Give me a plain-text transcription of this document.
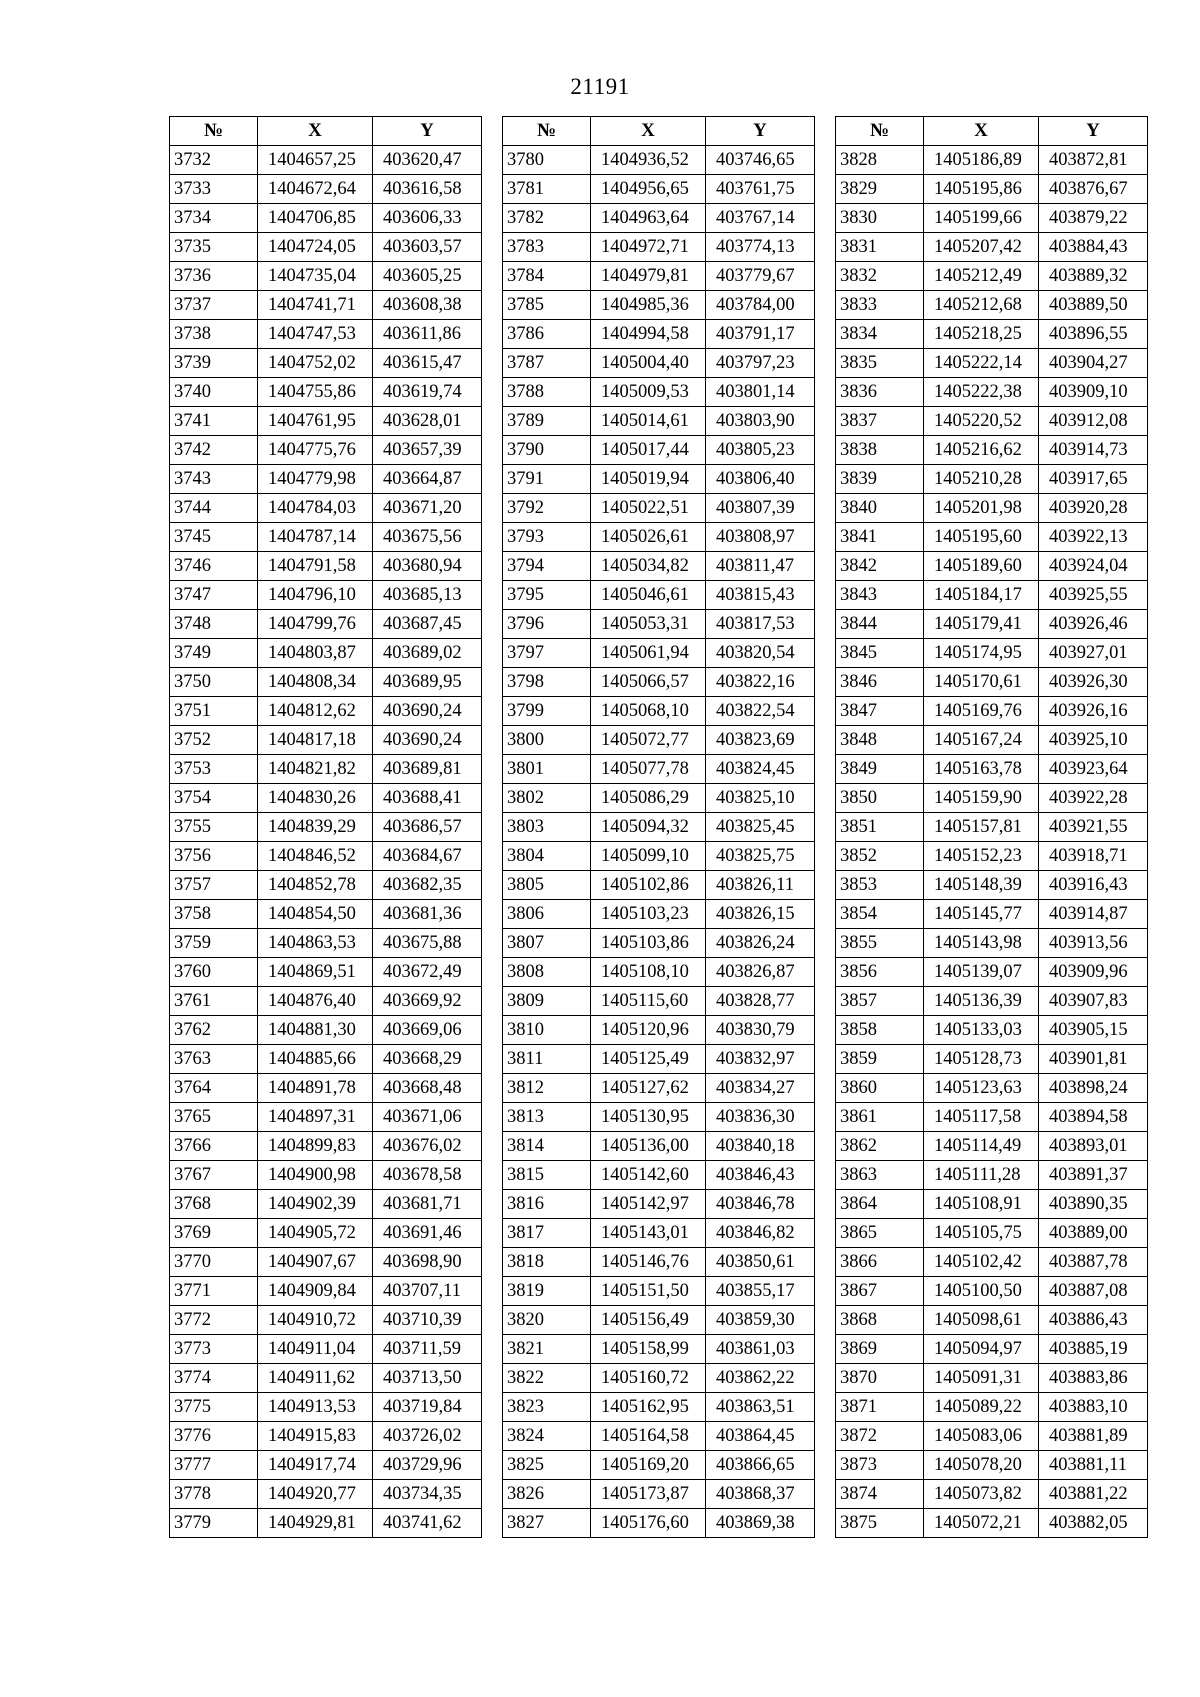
21191
№	X	Y
3732	1404657,25	403620,47
3733	1404672,64	403616,58
3734	1404706,85	403606,33
3735	1404724,05	403603,57
3736	1404735,04	403605,25
3737	1404741,71	403608,38
3738	1404747,53	403611,86
3739	1404752,02	403615,47
3740	1404755,86	403619,74
3741	1404761,95	403628,01
3742	1404775,76	403657,39
3743	1404779,98	403664,87
3744	1404784,03	403671,20
3745	1404787,14	403675,56
3746	1404791,58	403680,94
3747	1404796,10	403685,13
3748	1404799,76	403687,45
3749	1404803,87	403689,02
3750	1404808,34	403689,95
3751	1404812,62	403690,24
3752	1404817,18	403690,24
3753	1404821,82	403689,81
3754	1404830,26	403688,41
3755	1404839,29	403686,57
3756	1404846,52	403684,67
3757	1404852,78	403682,35
3758	1404854,50	403681,36
3759	1404863,53	403675,88
3760	1404869,51	403672,49
3761	1404876,40	403669,92
3762	1404881,30	403669,06
3763	1404885,66	403668,29
3764	1404891,78	403668,48
3765	1404897,31	403671,06
3766	1404899,83	403676,02
3767	1404900,98	403678,58
3768	1404902,39	403681,71
3769	1404905,72	403691,46
3770	1404907,67	403698,90
3771	1404909,84	403707,11
3772	1404910,72	403710,39
3773	1404911,04	403711,59
3774	1404911,62	403713,50
3775	1404913,53	403719,84
3776	1404915,83	403726,02
3777	1404917,74	403729,96
3778	1404920,77	403734,35
3779	1404929,81	403741,62
№	X	Y
3780	1404936,52	403746,65
3781	1404956,65	403761,75
3782	1404963,64	403767,14
3783	1404972,71	403774,13
3784	1404979,81	403779,67
3785	1404985,36	403784,00
3786	1404994,58	403791,17
3787	1405004,40	403797,23
3788	1405009,53	403801,14
3789	1405014,61	403803,90
3790	1405017,44	403805,23
3791	1405019,94	403806,40
3792	1405022,51	403807,39
3793	1405026,61	403808,97
3794	1405034,82	403811,47
3795	1405046,61	403815,43
3796	1405053,31	403817,53
3797	1405061,94	403820,54
3798	1405066,57	403822,16
3799	1405068,10	403822,54
3800	1405072,77	403823,69
3801	1405077,78	403824,45
3802	1405086,29	403825,10
3803	1405094,32	403825,45
3804	1405099,10	403825,75
3805	1405102,86	403826,11
3806	1405103,23	403826,15
3807	1405103,86	403826,24
3808	1405108,10	403826,87
3809	1405115,60	403828,77
3810	1405120,96	403830,79
3811	1405125,49	403832,97
3812	1405127,62	403834,27
3813	1405130,95	403836,30
3814	1405136,00	403840,18
3815	1405142,60	403846,43
3816	1405142,97	403846,78
3817	1405143,01	403846,82
3818	1405146,76	403850,61
3819	1405151,50	403855,17
3820	1405156,49	403859,30
3821	1405158,99	403861,03
3822	1405160,72	403862,22
3823	1405162,95	403863,51
3824	1405164,58	403864,45
3825	1405169,20	403866,65
3826	1405173,87	403868,37
3827	1405176,60	403869,38
№	X	Y
3828	1405186,89	403872,81
3829	1405195,86	403876,67
3830	1405199,66	403879,22
3831	1405207,42	403884,43
3832	1405212,49	403889,32
3833	1405212,68	403889,50
3834	1405218,25	403896,55
3835	1405222,14	403904,27
3836	1405222,38	403909,10
3837	1405220,52	403912,08
3838	1405216,62	403914,73
3839	1405210,28	403917,65
3840	1405201,98	403920,28
3841	1405195,60	403922,13
3842	1405189,60	403924,04
3843	1405184,17	403925,55
3844	1405179,41	403926,46
3845	1405174,95	403927,01
3846	1405170,61	403926,30
3847	1405169,76	403926,16
3848	1405167,24	403925,10
3849	1405163,78	403923,64
3850	1405159,90	403922,28
3851	1405157,81	403921,55
3852	1405152,23	403918,71
3853	1405148,39	403916,43
3854	1405145,77	403914,87
3855	1405143,98	403913,56
3856	1405139,07	403909,96
3857	1405136,39	403907,83
3858	1405133,03	403905,15
3859	1405128,73	403901,81
3860	1405123,63	403898,24
3861	1405117,58	403894,58
3862	1405114,49	403893,01
3863	1405111,28	403891,37
3864	1405108,91	403890,35
3865	1405105,75	403889,00
3866	1405102,42	403887,78
3867	1405100,50	403887,08
3868	1405098,61	403886,43
3869	1405094,97	403885,19
3870	1405091,31	403883,86
3871	1405089,22	403883,10
3872	1405083,06	403881,89
3873	1405078,20	403881,11
3874	1405073,82	403881,22
3875	1405072,21	403882,05
